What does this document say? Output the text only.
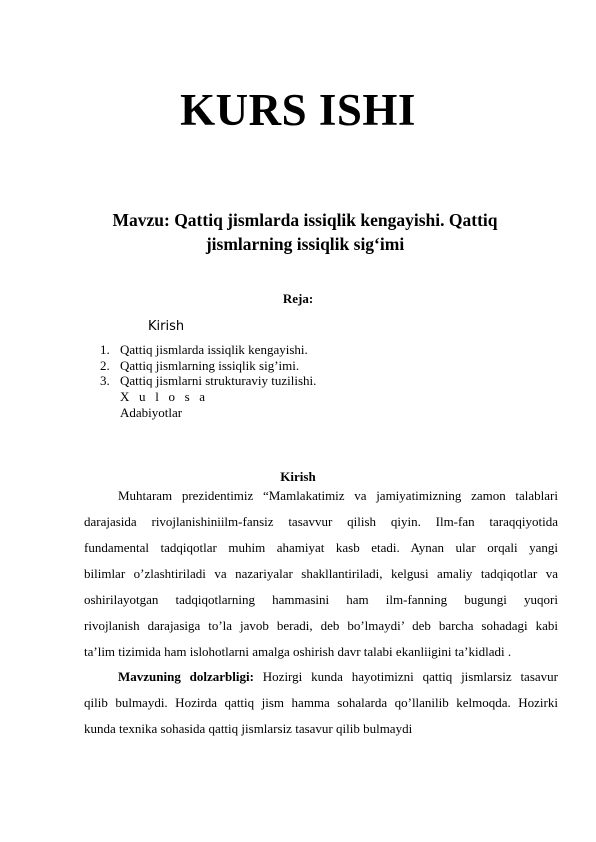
KURS ISHI
Mavzu: Qattiq jismlarda issiqlik kengayishi. Qattiq
jismlarning issiqlik sig‘imi
Reja:
Kirish
1. Qattiq jismlarda issiqlik kengayishi.
2. Qattiq jismlarning issiqlik sig’imi.
3. Qattiq jismlarni strukturaviy tuzilishi.
X u l o s a
Adabiyotlar
Kirish
Muhtaram prezidentimiz “Mamlakatimiz va jamiyatimizning zamon talablari
darajasida rivojlanishiniilm-fansiz tasavvur qilish qiyin. Ilm-fan taraqqiyotida
fundamental tadqiqotlar muhim ahamiyat kasb etadi. Aynan ular orqali yangi
bilimlar o’zlashtiriladi va nazariyalar shakllantiriladi, kelgusi amaliy tadqiqotlar va
oshirilayotgan tadqiqotlarning hammasini ham ilm-fanning bugungi yuqori
rivojlanish darajasiga to’la javob beradi, deb bo’lmaydi’ deb barcha sohadagi kabi
ta’lim tizimida ham islohotlarni amalga oshirish davr talabi ekanliigini ta’kidladi .
Mavzuning dolzarbligi: Hozirgi kunda hayotimizni qattiq jismlarsiz tasavur
qilib bulmaydi. Hozirda qattiq jism hamma sohalarda qo’llanilib kelmoqda. Hozirki
kunda texnika sohasida qattiq jismlarsiz tasavur qilib bulmaydi
